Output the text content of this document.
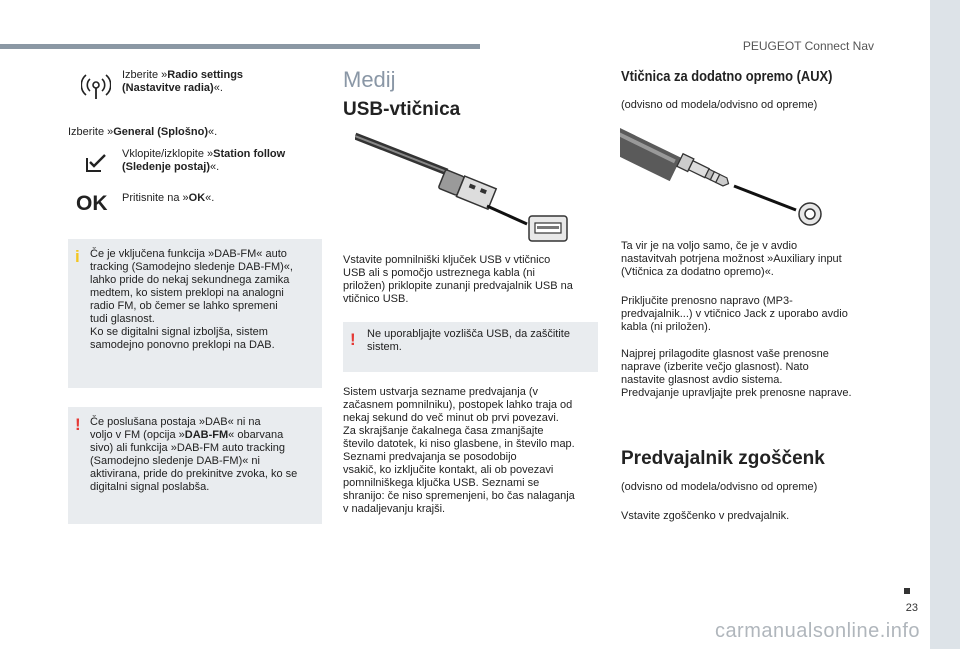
PEUGEOT Connect Nav
Izberite »Radio settings (Nastavitve radia)«.
Izberite »General (Splošno)«.
Vklopite/izklopite »Station follow (Sledenje postaj)«.
OK Pritisnite na »OK«.
i Če je vključena funkcija »DAB-FM« auto
tracking (Samodejno sledenje DAB-FM)«,
lahko pride do nekaj sekundnega zamika
medtem, ko sistem preklopi na analogni
radio FM, ob čemer se lahko spremeni
tudi glasnost.
Ko se digitalni signal izboljša, sistem
samodejno ponovno preklopi na DAB.
! Če poslušana postaja »DAB« ni na
voljo v FM (opcija »DAB-FM« obarvana
sivo) ali funkcija »DAB-FM auto tracking
(Samodejno sledenje DAB-FM)« ni
aktivirana, pride do prekinitve zvoka, ko se
digitalni signal poslabša.
Medij
USB-vtičnica
Vstavite pomnilniški ključek USB v vtičnico
USB ali s pomočjo ustreznega kabla (ni
priložen) priklopite zunanji predvajalnik USB na
vtičnico USB.
! Ne uporabljajte vozlišča USB, da zaščitite
sistem.
Sistem ustvarja sezname predvajanja (v
začasnem pomnilniku), postopek lahko traja od
nekaj sekund do več minut ob prvi povezavi.
Za skrajšanje čakalnega časa zmanjšajte
število datotek, ki niso glasbene, in število map.
Seznami predvajanja se posodobijo
vsakič, ko izključite kontakt, ali ob povezavi
pomnilniškega ključka USB. Seznami se
shranijo: če niso spremenjeni, bo čas nalaganja
v nadaljevanju krajši.
Vtičnica za dodatno opremo (AUX)
(odvisno od modela/odvisno od opreme)
Ta vir je na voljo samo, če je v avdio
nastavitvah potrjena možnost »Auxiliary input
(Vtičnica za dodatno opremo)«.
Priključite prenosno napravo (MP3-
predvajalnik...) v vtičnico Jack z uporabo avdio
kabla (ni priložen).
Najprej prilagodite glasnost vaše prenosne
naprave (izberite večjo glasnost). Nato
nastavite glasnost avdio sistema.
Predvajanje upravljajte prek prenosne naprave.
Predvajalnik zgoščenk
(odvisno od modela/odvisno od opreme)
Vstavite zgoščenko v predvajalnik.
23
carmanualsonline.info
